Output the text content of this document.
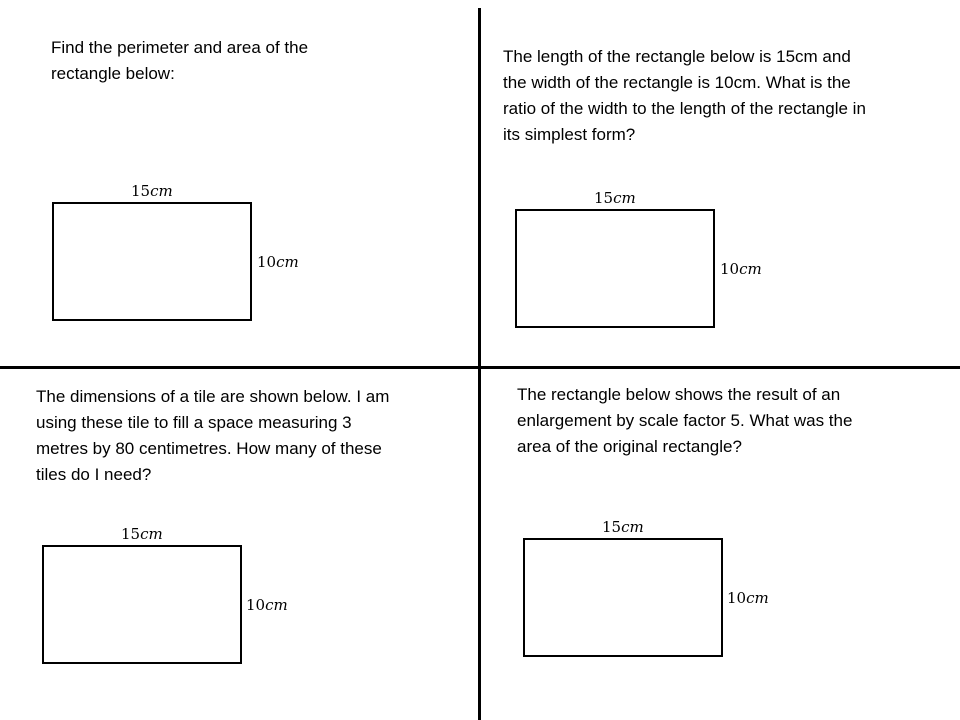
Find the perimeter and area of the
rectangle below:

15cm
10cm

The length of the rectangle below is 15cm and
the width of the rectangle is 10cm. What is the
ratio of the width to the length of the rectangle in
its simplest form?

15cm
10cm

The dimensions of a tile are shown below. I am
using these tile to fill a space measuring 3
metres by 80 centimetres. How many of these
tiles do I need?

15cm
10cm

The rectangle below shows the result of an
enlargement by scale factor 5. What was the
area of the original rectangle?

15cm
10cm
